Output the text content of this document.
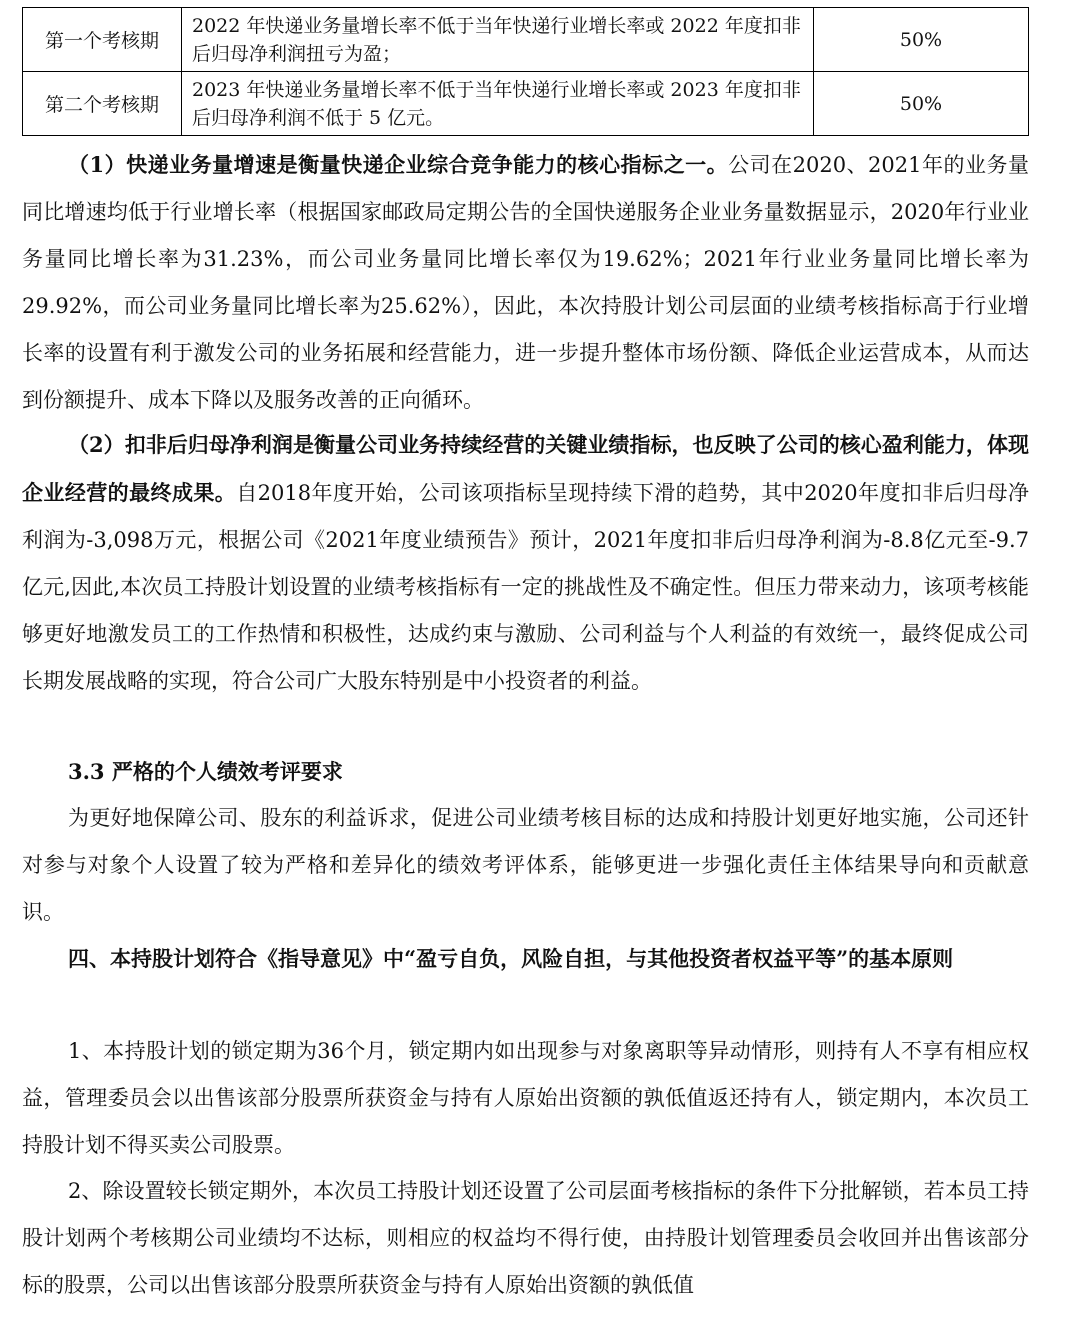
第一个考核期	2022 年快递业务量增长率不低于当年快递行业增长率或 2022 年度扣非后归母净利润扭亏为盈；	50%
第二个考核期	2023 年快递业务量增长率不低于当年快递行业增长率或 2023 年度扣非后归母净利润不低于 5 亿元。	50%

（1）快递业务量增速是衡量快递企业综合竞争能力的核心指标之一。公司在2020、2021年的业务量同比增速均低于行业增长率（根据国家邮政局定期公告的全国快递服务企业业务量数据显示，2020年行业业务量同比增长率为31.23%，而公司业务量同比增长率仅为19.62%；2021年行业业务量同比增长率为29.92%，而公司业务量同比增长率为25.62%），因此，本次持股计划公司层面的业绩考核指标高于行业增长率的设置有利于激发公司的业务拓展和经营能力，进一步提升整体市场份额、降低企业运营成本，从而达到份额提升、成本下降以及服务改善的正向循环。

（2）扣非后归母净利润是衡量公司业务持续经营的关键业绩指标，也反映了公司的核心盈利能力，体现企业经营的最终成果。自2018年度开始，公司该项指标呈现持续下滑的趋势，其中2020年度扣非后归母净利润为-3,098万元，根据公司《2021年度业绩预告》预计，2021年度扣非后归母净利润为-8.8亿元至-9.7亿元,因此,本次员工持股计划设置的业绩考核指标有一定的挑战性及不确定性。但压力带来动力，该项考核能够更好地激发员工的工作热情和积极性，达成约束与激励、公司利益与个人利益的有效统一，最终促成公司长期发展战略的实现，符合公司广大股东特别是中小投资者的利益。

3.3 严格的个人绩效考评要求

为更好地保障公司、股东的利益诉求，促进公司业绩考核目标的达成和持股计划更好地实施，公司还针对参与对象个人设置了较为严格和差异化的绩效考评体系，能够更进一步强化责任主体结果导向和贡献意识。

四、本持股计划符合《指导意见》中“盈亏自负，风险自担，与其他投资者权益平等”的基本原则

1、本持股计划的锁定期为36个月，锁定期内如出现参与对象离职等异动情形，则持有人不享有相应权益，管理委员会以出售该部分股票所获资金与持有人原始出资额的孰低值返还持有人，锁定期内，本次员工持股计划不得买卖公司股票。

2、除设置较长锁定期外，本次员工持股计划还设置了公司层面考核指标的条件下分批解锁，若本员工持股计划两个考核期公司业绩均不达标，则相应的权益均不得行使，由持股计划管理委员会收回并出售该部分标的股票，公司以出售该部分股票所获资金与持有人原始出资额的孰低值
